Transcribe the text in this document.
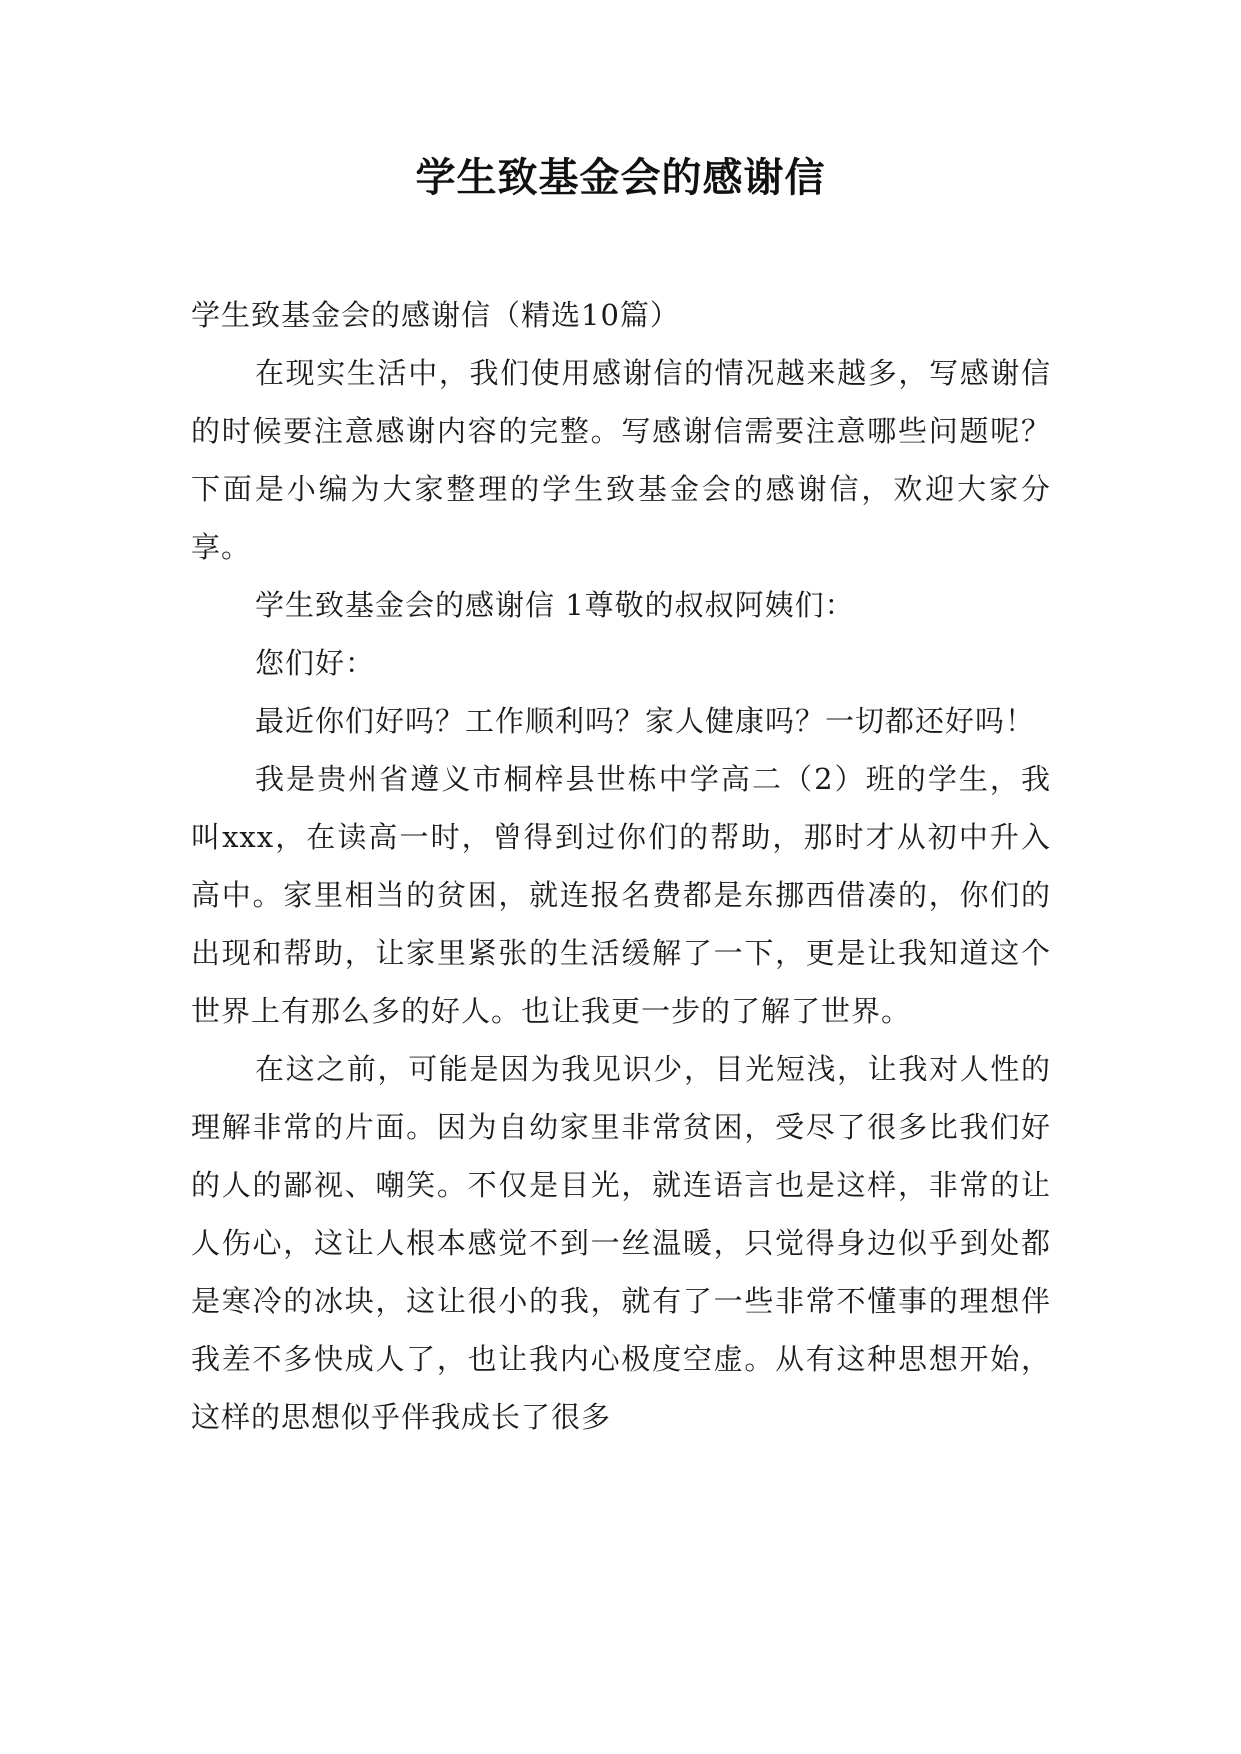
学生致基金会的感谢信

学生致基金会的感谢信（精选10篇）

在现实生活中，我们使用感谢信的情况越来越多，写感谢信的时候要注意感谢内容的完整。写感谢信需要注意哪些问题呢？下面是小编为大家整理的学生致基金会的感谢信，欢迎大家分享。

学生致基金会的感谢信 1尊敬的叔叔阿姨们：

您们好：

最近你们好吗？工作顺利吗？家人健康吗？一切都还好吗！

我是贵州省遵义市桐梓县世栋中学高二（2）班的学生，我叫xxx，在读高一时，曾得到过你们的帮助，那时才从初中升入高中。家里相当的贫困，就连报名费都是东挪西借凑的，你们的出现和帮助，让家里紧张的生活缓解了一下，更是让我知道这个世界上有那么多的好人。也让我更一步的了解了世界。

在这之前，可能是因为我见识少，目光短浅，让我对人性的理解非常的片面。因为自幼家里非常贫困，受尽了很多比我们好的人的鄙视、嘲笑。不仅是目光，就连语言也是这样，非常的让人伤心，这让人根本感觉不到一丝温暖，只觉得身边似乎到处都是寒冷的冰块，这让很小的我，就有了一些非常不懂事的理想伴我差不多快成人了，也让我内心极度空虚。从有这种思想开始，这样的思想似乎伴我成长了很多
